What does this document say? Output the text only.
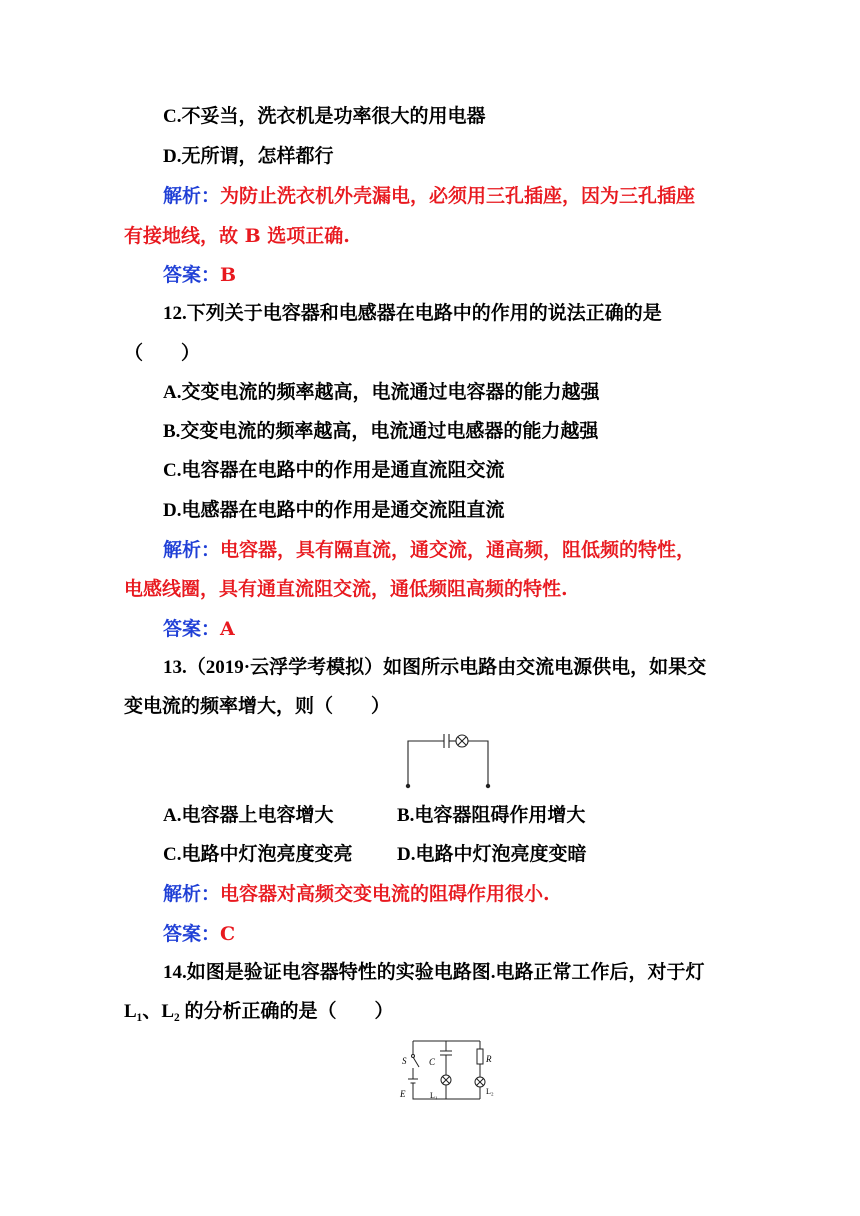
C.不妥当，洗衣机是功率很大的用电器
D.无所谓，怎样都行
解析：为防止洗衣机外壳漏电，必须用三孔插座，因为三孔插座
有接地线，故 B 选项正确.
答案：B
12.下列关于电容器和电感器在电路中的作用的说法正确的是
（　　）
A.交变电流的频率越高，电流通过电容器的能力越强
B.交变电流的频率越高，电流通过电感器的能力越强
C.电容器在电路中的作用是通直流阻交流
D.电感器在电路中的作用是通交流阻直流
解析：电容器，具有隔直流，通交流，通高频，阻低频的特性，
电感线圈，具有通直流阻交流，通低频阻高频的特性.
答案：A
13.（2019·云浮学考模拟）如图所示电路由交流电源供电，如果交
变电流的频率增大，则（　　）
A.电容器上电容增大	B.电容器阻碍作用增大
C.电路中灯泡亮度变亮 D.电路中灯泡亮度变暗
解析：电容器对高频交变电流的阻碍作用很小.
答案：C
14.如图是验证电容器特性的实验电路图.电路正常工作后，对于灯
L₁、L₂ 的分析正确的是（　　）
S	C
E
R
L₁	L₂
